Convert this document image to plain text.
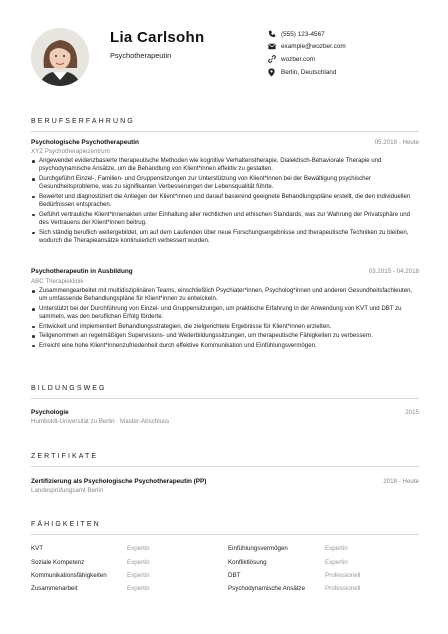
Lia Carlsohn
Psychotherapeutin
(555) 123-4567
example@wozber.com
wozber.com
Berlin, Deutschland
BERUFSERFAHRUNG
Psychologische Psychotherapeutin	05.2018 - Heute
XYZ Psychotherapiezentrum
Angewendet evidenzbasierte therapeutische Methoden wie kognitive Verhaltenstherapie, Dialektisch-Behaviorale Therapie und psychodynamische Ansätze, um die Behandlung von Klient*innen effektiv zu gestalten.
Durchgeführt Einzel-, Familien- und Gruppensitzungen zur Unterstützung von Klient*innen bei der Bewältigung psychischer Gesundheitsprobleme, was zu signifikanten Verbesserungen der Lebensqualität führte.
Bewertet und diagnostiziert die Anliegen der Klient*innen und darauf basierend geeignete Behandlungspläne erstellt, die den individuellen Bedürfnissen entsprachen.
Geführt vertrauliche Klient*innenakten unter Einhaltung aller rechtlichen und ethischen Standards, was zur Wahrung der Privatsphäre und des Vertrauens der Klient*innen beitrug.
Sich ständig beruflich weitergebildet, um auf dem Laufenden über neue Forschungsergebnisse und therapeutische Techniken zu bleiben, wodurch die Therapieansätze kontinuierlich verbessert wurden.
Psychotherapeutin in Ausbildung	03.2015 - 04.2018
ABC Therapieklinik
Zusammengearbeitet mit multidisziplinären Teams, einschließlich Psychiater*innen, Psycholog*innen und anderen Gesundheitsfachleuten, um umfassende Behandlungspläne für Klient*innen zu entwickeln.
Unterstützt bei der Durchführung von Einzel- und Gruppensitzungen, um praktische Erfahrung in der Anwendung von KVT und DBT zu sammeln, was den beruflichen Erfolg förderte.
Entwickelt und implementiert Behandlungsstrategien, die zielgerichtete Ergebnisse für Klient*innen erzielten.
Teilgenommen an regelmäßigen Supervisions- und Weiterbildungssitzungen, um therapeutische Fähigkeiten zu verbessern.
Erreicht eine hohe Klient*innenzufriedenheit durch effektive Kommunikation und Einfühlungsvermögen.
BILDUNGSWEG
Psychologie	2015
Humboldt-Universität zu Berlin · Master-Abschluss
ZERTIFIKATE
Zertifizierung als Psychologische Psychotherapeutin (PP)	2018 - Heute
Landesprüfungsamt Berlin
FÄHIGKEITEN
KVT	Expertin	Einfühlungsvermögen	Expertin
Soziale Kompetenz	Expertin	Konfliktlösung	Expertin
Kommunikationsfähigkeiten	Expertin	DBT	Professionell
Zusammenarbeit	Expertin	Psychodynamische Ansätze	Professionell
